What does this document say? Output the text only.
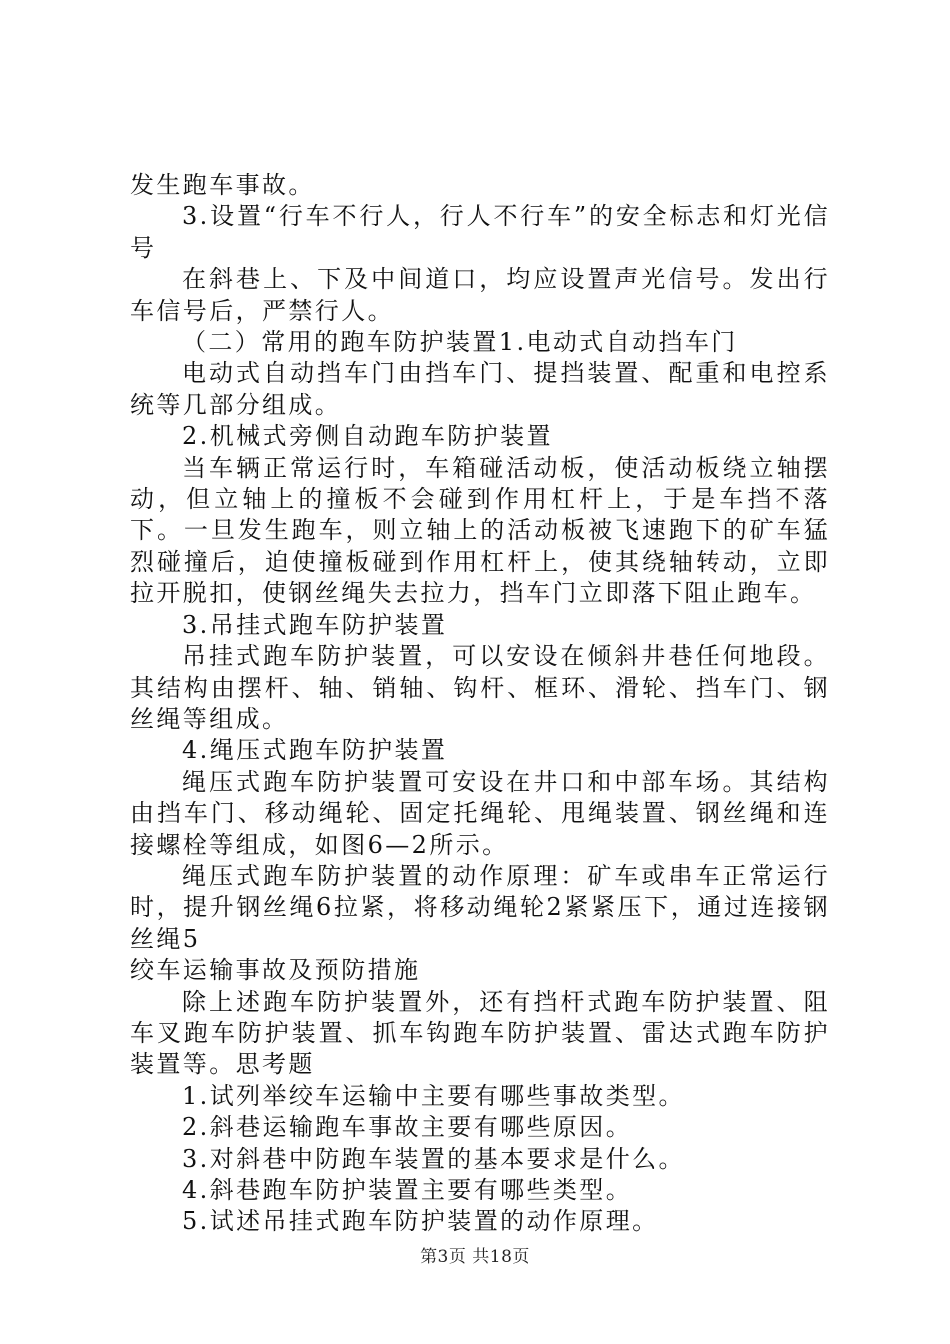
发生跑车事故。

3.设置“行车不行人，行人不行车”的安全标志和灯光信号

在斜巷上、下及中间道口，均应设置声光信号。发出行车信号后，严禁行人。

（二）常用的跑车防护装置1.电动式自动挡车门

电动式自动挡车门由挡车门、提挡装置、配重和电控系统等几部分组成。

2.机械式旁侧自动跑车防护装置

当车辆正常运行时，车箱碰活动板，使活动板绕立轴摆动，但立轴上的撞板不会碰到作用杠杆上，于是车挡不落下。一旦发生跑车，则立轴上的活动板被飞速跑下的矿车猛烈碰撞后，迫使撞板碰到作用杠杆上，使其绕轴转动，立即拉开脱扣，使钢丝绳失去拉力，挡车门立即落下阻止跑车。

3.吊挂式跑车防护装置

吊挂式跑车防护装置，可以安设在倾斜井巷任何地段。其结构由摆杆、轴、销轴、钩杆、框环、滑轮、挡车门、钢丝绳等组成。

4.绳压式跑车防护装置

绳压式跑车防护装置可安设在井口和中部车场。其结构由挡车门、移动绳轮、固定托绳轮、甩绳装置、钢丝绳和连接螺栓等组成，如图6—2所示。

绳压式跑车防护装置的动作原理：矿车或串车正常运行时，提升钢丝绳6拉紧，将移动绳轮2紧紧压下，通过连接钢丝绳5

绞车运输事故及预防措施

除上述跑车防护装置外，还有挡杆式跑车防护装置、阻车叉跑车防护装置、抓车钩跑车防护装置、雷达式跑车防护装置等。思考题

1.试列举绞车运输中主要有哪些事故类型。

2.斜巷运输跑车事故主要有哪些原因。

3.对斜巷中防跑车装置的基本要求是什么。

4.斜巷跑车防护装置主要有哪些类型。

5.试述吊挂式跑车防护装置的动作原理。

第3页 共18页
